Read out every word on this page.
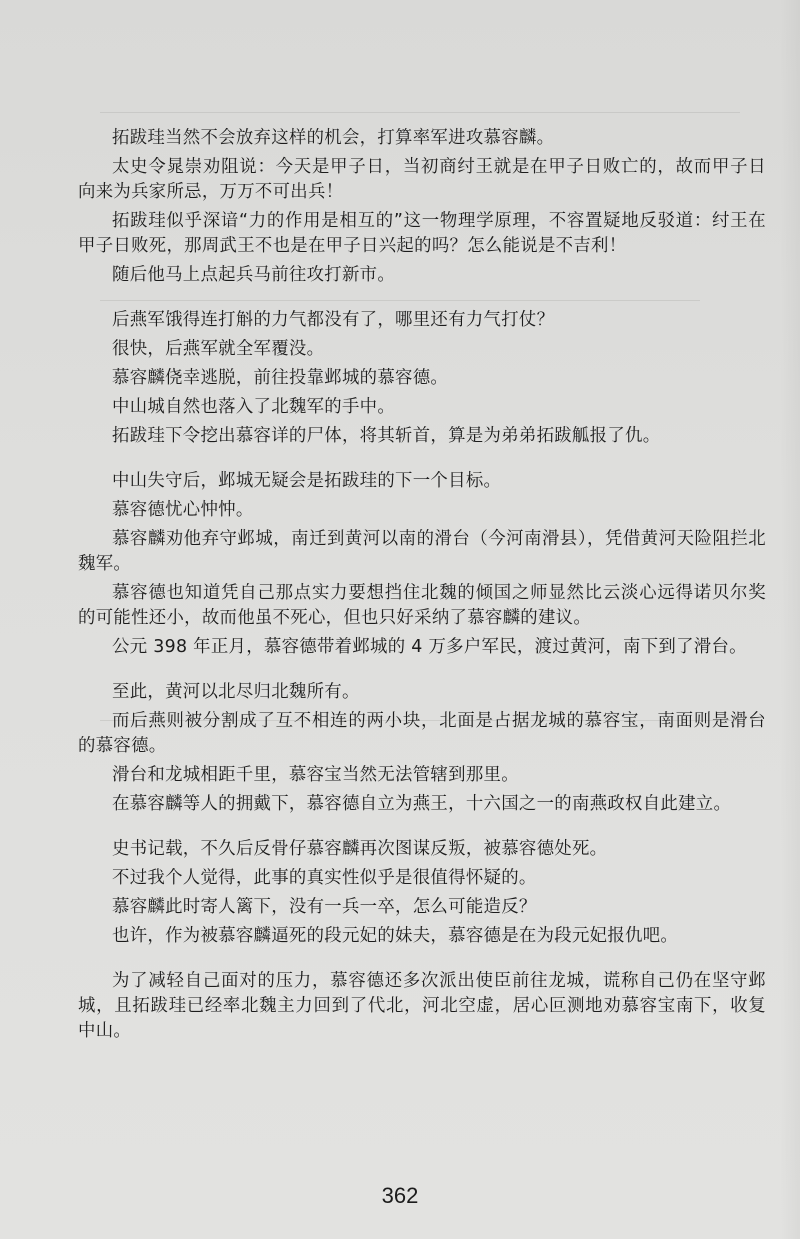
拓跋珪当然不会放弃这样的机会，打算率军进攻慕容麟。

太史令晁崇劝阻说：今天是甲子日，当初商纣王就是在甲子日败亡的，故而甲子日向来为兵家所忌，万万不可出兵！

拓跋珪似乎深谙“力的作用是相互的”这一物理学原理，不容置疑地反驳道：纣王在甲子日败死，那周武王不也是在甲子日兴起的吗？怎么能说是不吉利！

随后他马上点起兵马前往攻打新市。

后燕军饿得连打斛的力气都没有了，哪里还有力气打仗？

很快，后燕军就全军覆没。

慕容麟侥幸逃脱，前往投靠邺城的慕容德。

中山城自然也落入了北魏军的手中。

拓跋珪下令挖出慕容详的尸体，将其斩首，算是为弟弟拓跋觚报了仇。

中山失守后，邺城无疑会是拓跋珪的下一个目标。

慕容德忧心忡忡。

慕容麟劝他弃守邺城，南迁到黄河以南的滑台（今河南滑县），凭借黄河天险阻拦北魏军。

慕容德也知道凭自己那点实力要想挡住北魏的倾国之师显然比云淡心远得诺贝尔奖的可能性还小，故而他虽不死心，但也只好采纳了慕容麟的建议。

公元 398 年正月，慕容德带着邺城的 4 万多户军民，渡过黄河，南下到了滑台。

至此，黄河以北尽归北魏所有。

而后燕则被分割成了互不相连的两小块，北面是占据龙城的慕容宝，南面则是滑台的慕容德。

滑台和龙城相距千里，慕容宝当然无法管辖到那里。

在慕容麟等人的拥戴下，慕容德自立为燕王，十六国之一的南燕政权自此建立。

史书记载，不久后反骨仔慕容麟再次图谋反叛，被慕容德处死。

不过我个人觉得，此事的真实性似乎是很值得怀疑的。

慕容麟此时寄人篱下，没有一兵一卒，怎么可能造反？

也许，作为被慕容麟逼死的段元妃的妹夫，慕容德是在为段元妃报仇吧。

为了减轻自己面对的压力，慕容德还多次派出使臣前往龙城，谎称自己仍在坚守邺城，且拓跋珪已经率北魏主力回到了代北，河北空虚，居心叵测地劝慕容宝南下，收复中山。

362
